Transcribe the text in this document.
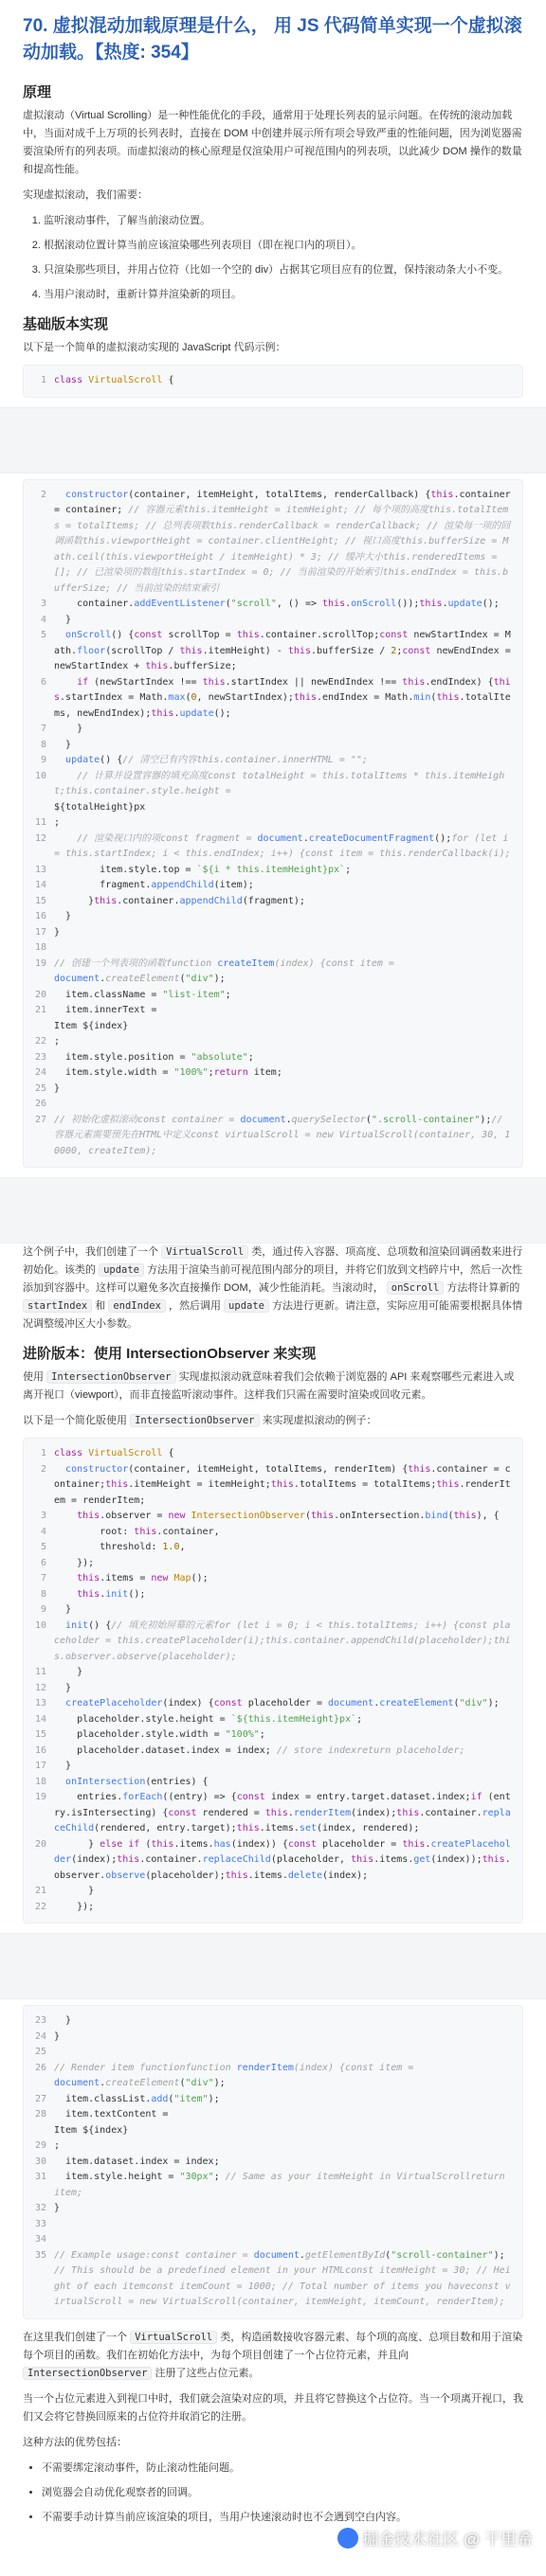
70. 虚拟混动加载原理是什么， 用 JS 代码简单实现一个虚拟滚动加载。【热度: 354】
原理

虚拟滚动（Virtual Scrolling）是一种性能优化的手段，通常用于处理长列表的显示问题。在传统的滚动加载中，当面对成千上万项的长列表时，直接在 DOM 中创建并展示所有项会导致严重的性能问题，因为浏览器需要渲染所有的列表项。而虚拟滚动的核心原理是仅渲染用户可视范围内的列表项，以此减少 DOM 操作的数量和提高性能。

实现虚拟滚动，我们需要：

1. 监听滚动事件，了解当前滚动位置。
2. 根据滚动位置计算当前应该渲染哪些列表项目（即在视口内的项目）。
3. 只渲染那些项目，并用占位符（比如一个空的 div）占据其它项目应有的位置，保持滚动条大小不变。
4. 当用户滚动时，重新计算并渲染新的项目。
基础版本实现

以下是一个简单的虚拟滚动实现的 JavaScript 代码示例：

1 class VirtualScroll {
2	constructor(container, itemHeight, totalItems, renderCallback) {this.container = container; // 容器元素this.itemHeight = itemHeight; // 每个项的高度this.totalItems = totalItems; // 总列表项数this.renderCallback = renderCallback; // 渲染每一项的回调函数this.viewportHeight = container.clientHeight; // 视口高度this.bufferSize = Math.ceil(this.viewportHeight / itemHeight) * 3; // 缓冲大小this.renderedItems = []; // 已渲染项的数组this.startIndex = 0; // 当前渲染的开始索引this.endIndex = this.bufferSize; // 当前渲染的结束索引
3 container.addEventListener("scroll", () => this.onScroll());this.update();
4 }
5	onScroll() {const scrollTop = this.container.scrollTop;const newStartIndex = Math.floor(scrollTop / this.itemHeight) - this.bufferSize / 2;const newEndIndex = newStartIndex + this.bufferSize;
6	if (newStartIndex !== this.startIndex || newEndIndex !== this.endIndex) {this.startIndex = Math.max(0, newStartIndex);this.endIndex = Math.min(this.totalItems, newEndIndex);this.update();
7 }
8 }
9	update() {// 清空已有内容this.container.innerHTML = "";
10	// 计算并设置容器的填充高度const totalHeight = this.totalItems * this.itemHeight;this.container.style.height =
${totalHeight}px
11 ;
12	// 渲染视口内的项const fragment = document.createDocumentFragment();for (let i = this.startIndex; i < this.endIndex; i++) {const item = this.renderCallback(i);
13 item.style.top = `${i * this.itemHeight}px`;
14 fragment.appendChild(item);
15 }this.container.appendChild(fragment);
16 }
17 }
18

19 // 创建一个列表项的函数function createItem(index) {const item =
document.createElement("div");
20 item.className = "list-item";
21 item.innerText =
Item ${index}
22 ;
23 item.style.position = "absolute";
24 item.style.width = "100%";return item;
25 }
26

27 // 初始化虚拟滚动const container = document.querySelector(".scroll-container");// 容器元素需要预先在HTML中定义const virtualScroll = new VirtualScroll(container, 30, 10000, createItem);

这个例子中，我们创建了一个 VirtualScroll 类，通过传入容器、项高度、总项数和渲染回调函数来进行初始化。该类的 update 方法用于渲染当前可视范围内部分的项目，并将它们放到文档碎片中，然后一次性添加到容器中。这样可以避免多次直接操作 DOM，减少性能消耗。当滚动时， onScroll 方法将计算新的 startIndex 和 endIndex ，然后调用 update 方法进行更新。请注意，实际应用可能需要根据具体情况调整缓冲区大小参数。

进阶版本：使用 IntersectionObserver 来实现

使用 IntersectionObserver 实现虚拟滚动就意味着我们会依赖于浏览器的 API 来观察哪些元素进入或离开视口（viewport），而非直接监听滚动事件。这样我们只需在需要时渲染或回收元素。

以下是一个简化版使用 IntersectionObserver 来实现虚拟滚动的例子：

1 class VirtualScroll {
2	constructor(container, itemHeight, totalItems, renderItem) {this.container = container;this.itemHeight = itemHeight;this.totalItems = totalItems;this.renderItem = renderItem;
3	this.observer = new IntersectionObserver(this.onIntersection.bind(this), {
4 root: this.container,
5 threshold: 1.0,
6 });
7	this.items = new Map();
8	this.init();
9 }
10	init() {// 填充初始屏幕的元素for (let i = 0; i < this.totalItems; i++) {const placeholder = this.createPlaceholder(i);this.container.appendChild(placeholder);this.observer.observe(placeholder);
11 }
12 }
13	createPlaceholder(index) {const placeholder = document.createElement("div");
14 placeholder.style.height = `${this.itemHeight}px`;
15 placeholder.style.width = "100%";
16 placeholder.dataset.index = index; // store indexreturn placeholder;
17 }
18	onIntersection(entries) {
19 entries.forEach((entry) => {const index = entry.target.dataset.index;if (entry.isIntersecting) {const rendered = this.renderItem(index);this.container.replaceChild(rendered, entry.target);this.items.set(index, rendered);
20 } else if (this.items.has(index)) {const placeholder = this.createPlaceholder(index);this.container.replaceChild(placeholder, this.items.get(index));this.observer.observe(placeholder);this.items.delete(index);
21 }
22 });
23 }
24 }
25

26 // Render item functionfunction renderItem(index) {const item =
document.createElement("div");
27 item.classList.add("item");
28 item.textContent =
Item ${index}
29 ;
30 item.dataset.index = index;
31 item.style.height = "30px"; // Same as your itemHeight in VirtualScrollreturn item;
32 }
33

34

35 // Example usage:const container = document.getElementById("scroll-container"); // This should be a predefined element in your HTMLconst itemHeight = 30; // Height of each itemconst itemCount = 1000; // Total number of items you haveconst virtualScroll = new VirtualScroll(container, itemHeight, itemCount, renderItem);

在这里我们创建了一个 VirtualScroll 类，构造函数接收容器元素、每个项的高度、总项目数和用于渲染每个项目的函数。我们在初始化方法中，为每个项目创建了一个占位符元素，并且向 IntersectionObserver 注册了这些占位元素。

当一个占位元素进入到视口中时，我们就会渲染对应的项，并且将它替换这个占位符。当一个项离开视口，我们又会将它替换回原来的占位符并取消它的注册。

这种方法的优势包括：

• 不需要绑定滚动事件，防止滚动性能问题。
• 浏览器会自动优化观察者的回调。
• 不需要手动计算当前应该渲染的项目，当用户快速滚动时也不会遇到空白内容。
掘金技术社区 @ 干里希
